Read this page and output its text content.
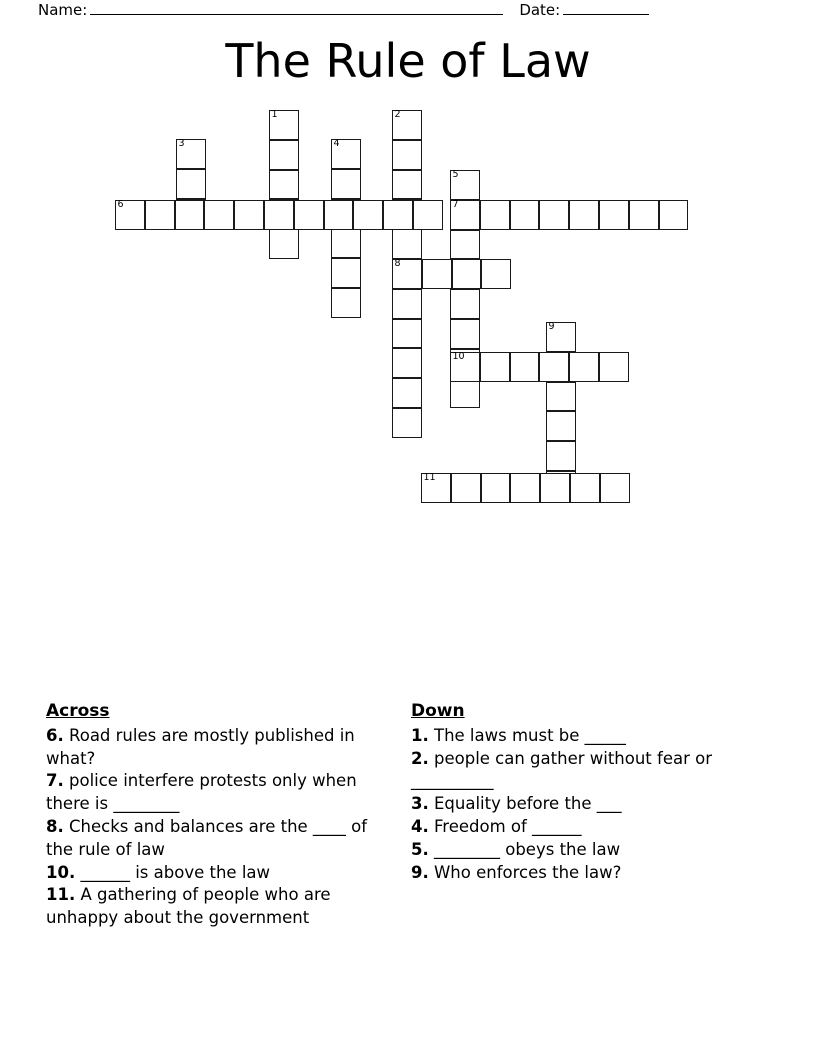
Name:	Date:
The Rule of Law
1	2
8
3	4
5
7
6
9
10
11
Across
6. Road rules are mostly published in what?
7. police interfere protests only when there is ________
8. Checks and balances are the ____ of the rule of law
10. ______ is above the law
11. A gathering of people who are unhappy about the government
Down
1. The laws must be _____
2. people can gather without fear or __________
3. Equality before the ___
4. Freedom of ______
5. ________ obeys the law
9. Who enforces the law?
